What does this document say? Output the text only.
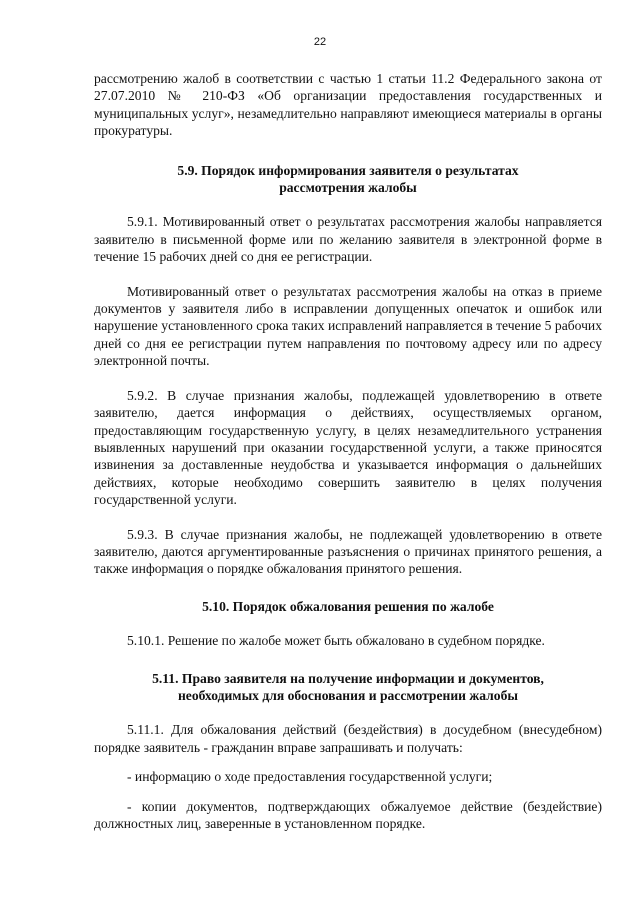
22

рассмотрению жалоб в соответствии с частью 1 статьи 11.2 Федерального закона от 27.07.2010 № 210-ФЗ «Об организации предоставления государственных и муниципальных услуг», незамедлительно направляют имеющиеся материалы в органы прокуратуры.

5.9. Порядок информирования заявителя о результатах
рассмотрения жалобы

5.9.1. Мотивированный ответ о результатах рассмотрения жалобы направляется заявителю в письменной форме или по желанию заявителя в электронной форме в течение 15 рабочих дней со дня ее регистрации.

Мотивированный ответ о результатах рассмотрения жалобы на отказ в приеме документов у заявителя либо в исправлении допущенных опечаток и ошибок или нарушение установленного срока таких исправлений направляется в течение 5 рабочих дней со дня ее регистрации путем направления по почтовому адресу или по адресу электронной почты.

5.9.2. В случае признания жалобы, подлежащей удовлетворению в ответе заявителю, дается информация о действиях, осуществляемых органом, предоставляющим государственную услугу, в целях незамедлительного устранения выявленных нарушений при оказании государственной услуги, а также приносятся извинения за доставленные неудобства и указывается информация о дальнейших действиях, которые необходимо совершить заявителю в целях получения государственной услуги.

5.9.3. В случае признания жалобы, не подлежащей удовлетворению в ответе заявителю, даются аргументированные разъяснения о причинах принятого решения, а также информация о порядке обжалования принятого решения.

5.10. Порядок обжалования решения по жалобе

5.10.1. Решение по жалобе может быть обжаловано в судебном порядке.

5.11. Право заявителя на получение информации и документов,
необходимых для обоснования и рассмотрении жалобы

5.11.1. Для обжалования действий (бездействия) в досудебном (внесудебном) порядке заявитель - гражданин вправе запрашивать и получать:

- информацию о ходе предоставления государственной услуги;

- копии документов, подтверждающих обжалуемое действие (бездействие) должностных лиц, заверенные в установленном порядке.
